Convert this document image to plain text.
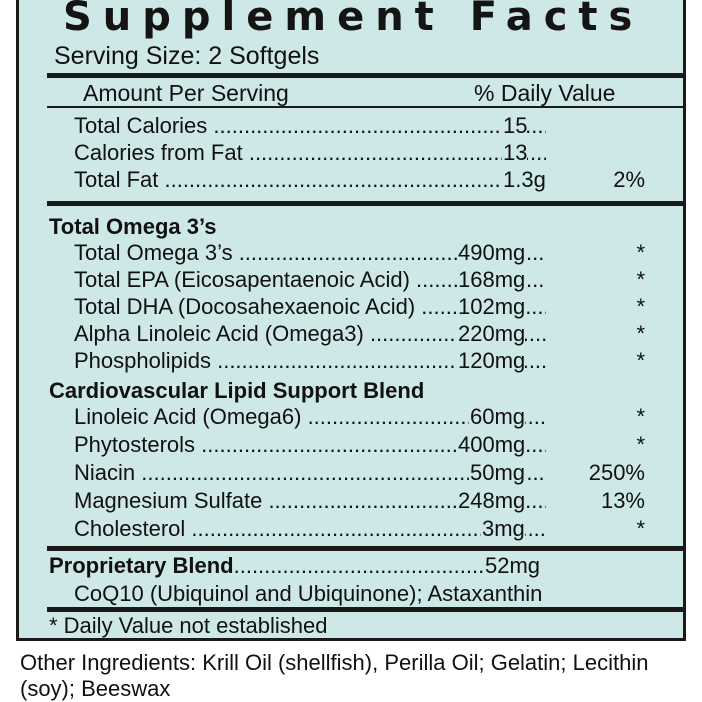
Supplement Facts
Serving Size: 2 Softgels
Amount Per Serving	% Daily Value
Total Calories .....	15
Calories from Fat .....	13
Total Fat .....	1.3g	2%
Total Omega 3’s
Total Omega 3’s .....	490mg	*
Total EPA (Eicosapentaenoic Acid) .....	168mg	*
Total DHA (Docosahexaenoic Acid) .....	102mg	*
Alpha Linoleic Acid (Omega3) .....	220mg	*
Phospholipids .....	120mg	*
Cardiovascular Lipid Support Blend
Linoleic Acid (Omega6) .....	60mg	*
Phytosterols .....	400mg	*
Niacin .....	50mg	250%
Magnesium Sulfate .....	248mg	13%
Cholesterol .....	3mg	*
Proprietary Blend .....	52mg
CoQ10 (Ubiquinol and Ubiquinone); Astaxanthin
* Daily Value not established
Other Ingredients: Krill Oil (shellfish), Perilla Oil; Gelatin; Lecithin (soy); Beeswax
